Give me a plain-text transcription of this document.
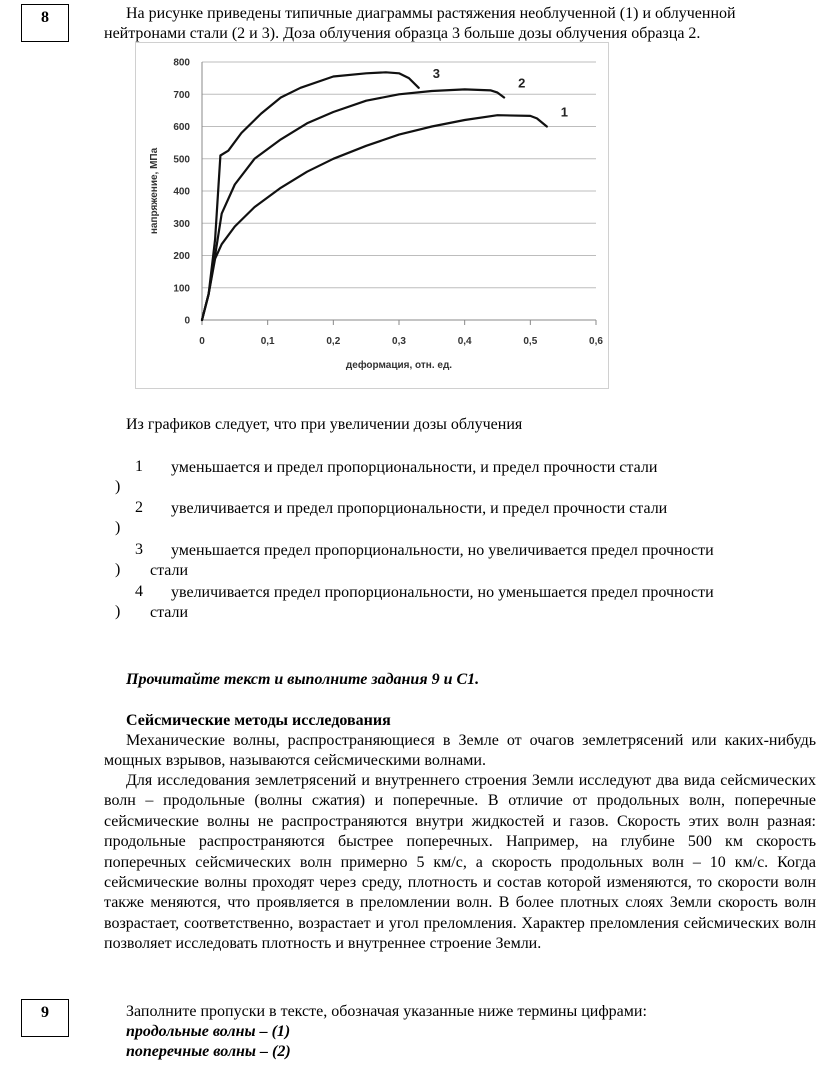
8	На рисунке приведены типичные диаграммы растяжения необлученной (1) и облученной
нейтронами стали (2 и 3). Доза облучения образца 3 больше дозы облучения образца 2.
0
100
200
300
400
500
600
700
800
0	0,1	0,2	0,3	0,4	0,5	0,6
деформация, отн. ед.
напряжение, МПа
1
2
3
Из графиков следует, что при увеличении дозы облучения
1 уменьшается и предел пропорциональности, и предел прочности стали
)
2 увеличивается и предел пропорциональности, и предел прочности стали
)
3 уменьшается предел пропорциональности, но увеличивается предел прочности
) стали
4 увеличивается предел пропорциональности, но уменьшается предел прочности
) стали
Прочитайте текст и выполните задания 9 и С1.
Сейсмические методы исследования
Механические волны, распространяющиеся в Земле от очагов землетрясений или каких-нибудь мощных взрывов, называются сейсмическими волнами.
Для исследования землетрясений и внутреннего строения Земли исследуют два вида сейсмических волн – продольные (волны сжатия) и поперечные. В отличие от продольных волн, поперечные сейсмические волны не распространяются внутри жидкостей и газов. Скорость этих волн разная: продольные распространяются быстрее поперечных. Например, на глубине 500 км скорость поперечных сейсмических волн примерно 5 км/с, а скорость продольных волн – 10 км/с. Когда сейсмические волны проходят через среду, плотность и состав которой изменяются, то скорости волн также меняются, что проявляется в преломлении волн. В более плотных слоях Земли скорость волн возрастает, соответственно, возрастает и угол преломления. Характер преломления сейсмических волн позволяет исследовать плотность и внутреннее строение Земли.
9	Заполните пропуски в тексте, обозначая указанные ниже термины цифрами:
продольные волны – (1)
поперечные волны – (2)
